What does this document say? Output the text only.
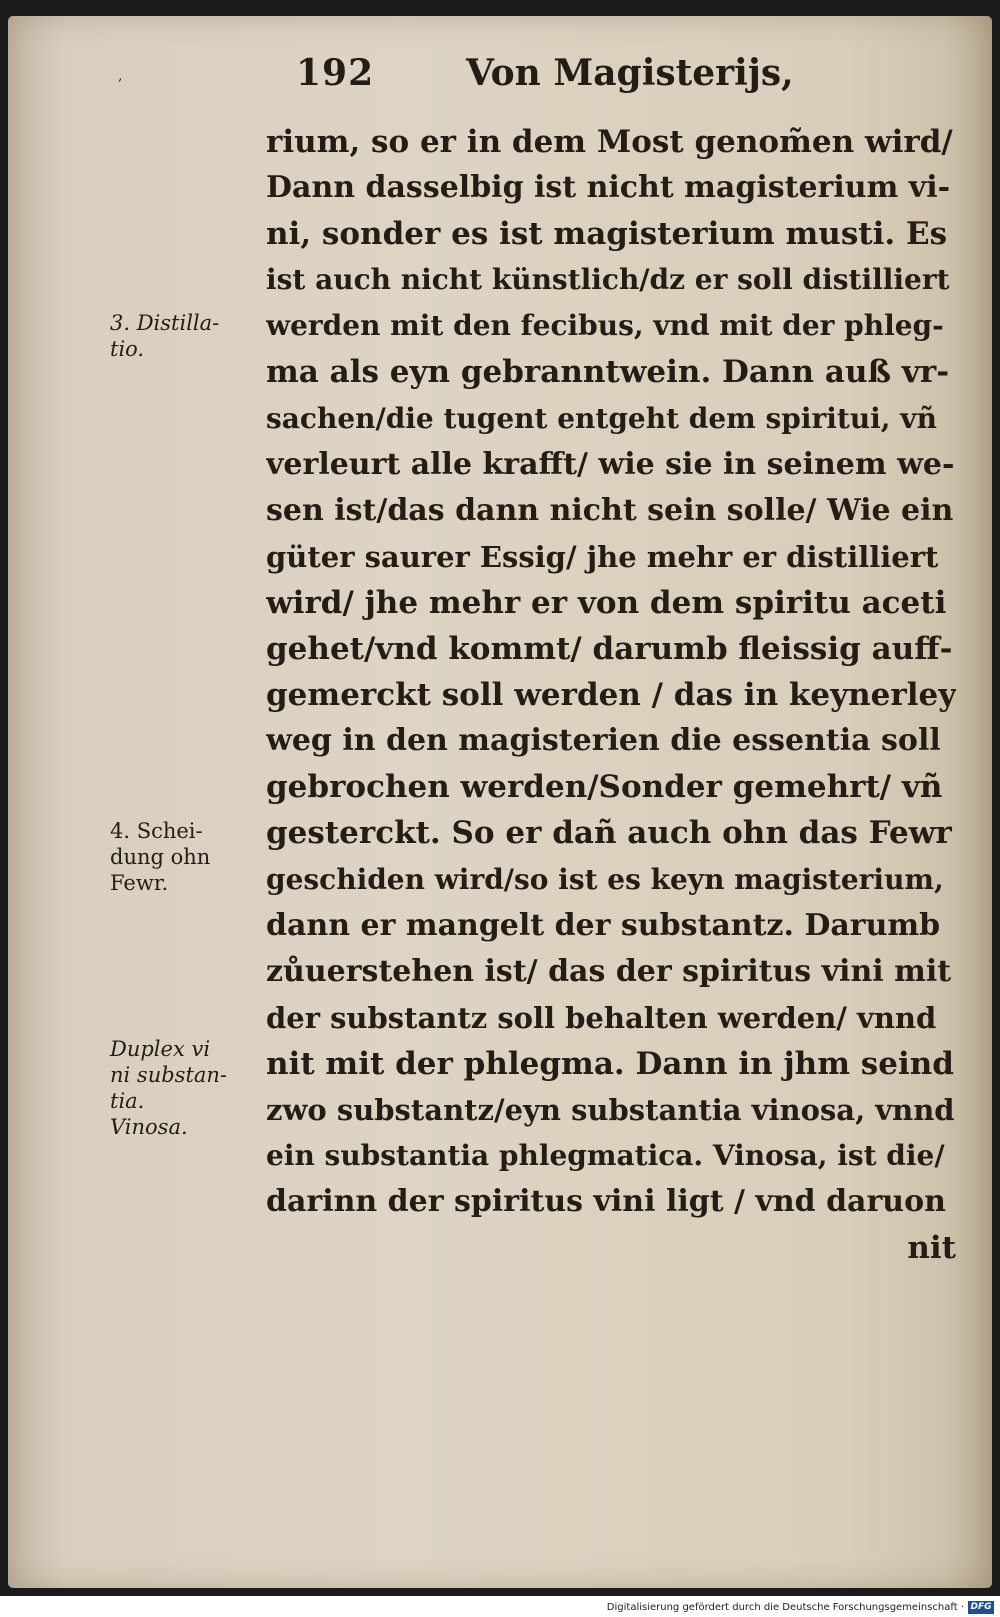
,	192	Von Magisterijs,
3. Distilla-
tio.
4. Schei-
dung ohn
Fewr.
Duplex vi
ni substan-
tia.
Vinosa.
rium, so er in dem Most genom̃en wird/
Dann dasselbig ist nicht magisterium vi-
ni, sonder es ist magisterium musti. Es
ist auch nicht künstlich/dz er soll distilliert
werden mit den fecibus, vnd mit der phleg-
ma als eyn gebranntwein. Dann auß vr-
sachen/die tugent entgeht dem spiritui, vñ
verleurt alle krafft/ wie sie in seinem we-
sen ist/das dann nicht sein solle/ Wie ein
güter saurer Essig/ jhe mehr er distilliert
wird/ jhe mehr er von dem spiritu aceti
gehet/vnd kommt/ darumb fleissig auff-
gemerckt soll werden / das in keynerley
weg in den magisterien die essentia soll
gebrochen werden/Sonder gemehrt/ vñ
gesterckt. So er dañ auch ohn das Fewr
geschiden wird/so ist es keyn magisterium,
dann er mangelt der substantz. Darumb
zůuerstehen ist/ das der spiritus vini mit
der substantz soll behalten werden/ vnnd
nit mit der phlegma. Dann in jhm seind
zwo substantz/eyn substantia vinosa, vnnd
ein substantia phlegmatica. Vinosa, ist die/
darinn der spiritus vini ligt / vnd daruon
nit
Digitalisierung gefördert durch die Deutsche Forschungsgemeinschaft · DFG
